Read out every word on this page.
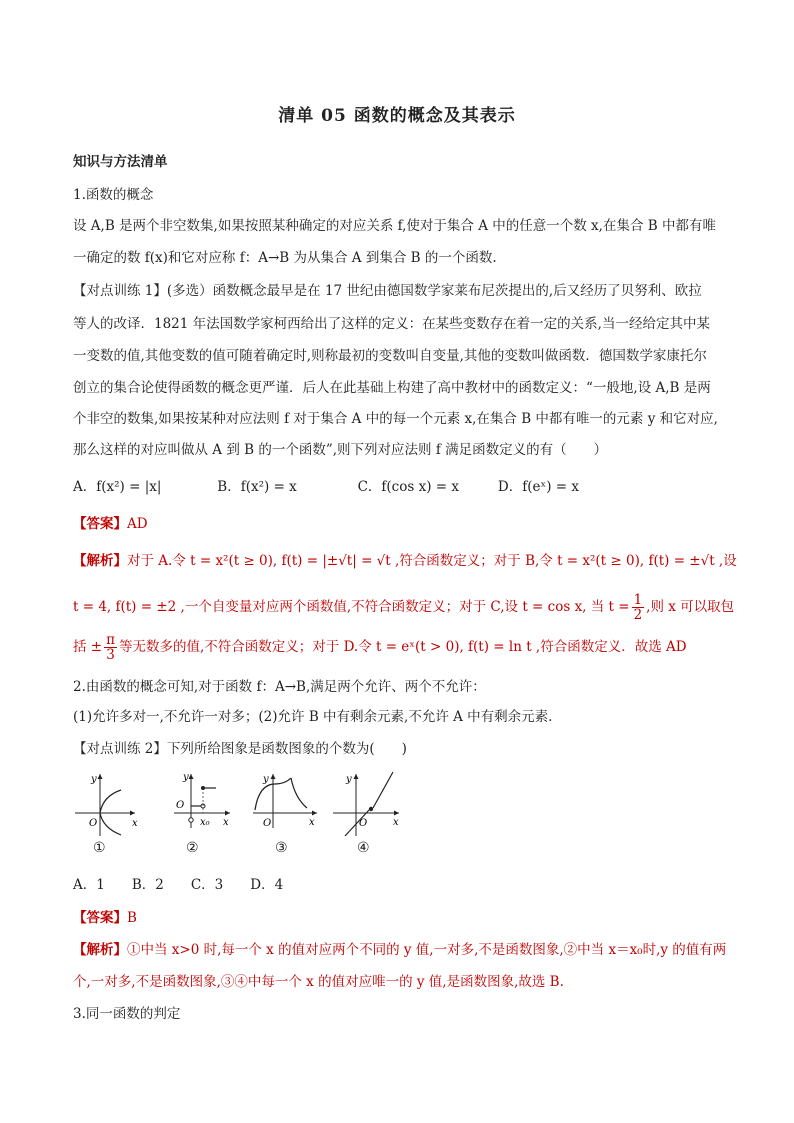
清单 05 函数的概念及其表示
知识与方法清单
1.函数的概念
设 A,B 是两个非空数集,如果按照某种确定的对应关系 f,使对于集合 A 中的任意一个数 x,在集合 B 中都有唯
一确定的数 f(x)和它对应称 f：A→B 为从集合 A 到集合 B 的一个函数.
【对点训练 1】(多选）函数概念最早是在 17 世纪由德国数学家莱布尼茨提出的,后又经历了贝努利、欧拉
等人的改译．1821 年法国数学家柯西给出了这样的定义：在某些变数存在着一定的关系,当一经给定其中某
一变数的值,其他变数的值可随着确定时,则称最初的变数叫自变量,其他的变数叫做函数．德国数学家康托尔
创立的集合论使得函数的概念更严谨．后人在此基础上构建了高中教材中的函数定义：“一般地,设 A,B 是两
个非空的数集,如果按某种对应法则 f 对于集合 A 中的每一个元素 x,在集合 B 中都有唯一的元素 y 和它对应,
那么这样的对应叫做从 A 到 B 的一个函数”,则下列对应法则 f 满足函数定义的有（　　）
A．f(x²) = |x|	B．f(x²) = x	C．f(cos x) = x	D．f(eˣ) = x
【答案】AD
【解析】对于 A.令 t = x²(t ≥ 0), f(t) = |±√t| = √t ,符合函数定义；对于 B,令 t = x²(t ≥ 0), f(t) = ±√t ,设
t = 4, f(t) = ±2 ,一个自变量对应两个函数值,不符合函数定义；对于 C,设 t = cos x, 当 $t = \frac{1}{2}$ ,则 x 可以取包
括 ± $\frac{\pi}{3}$ 等无数多的值,不符合函数定义；对于 D.令 t = eˣ(t > 0), f(t) = ln t ,符合函数定义．故选 AD
2.由函数的概念可知,对于函数 f：A→B,满足两个允许、两个不允许：
(1)允许多对一,不允许一对多；(2)允许 B 中有剩余元素,不允许 A 中有剩余元素.
【对点训练 2】下列所给图象是函数图象的个数为(　　)
y
x
O
①
y
x
O
x₀
②
y
x
O
③
y
x
O
④
A．1　　B．2　　C．3　　D．4
【答案】B
【解析】①中当 x>0 时,每一个 x 的值对应两个不同的 y 值,一对多,不是函数图象,②中当 x＝x₀时,y 的值有两
个,一对多,不是函数图象,③④中每一个 x 的值对应唯一的 y 值,是函数图象,故选 B.
3.同一函数的判定
